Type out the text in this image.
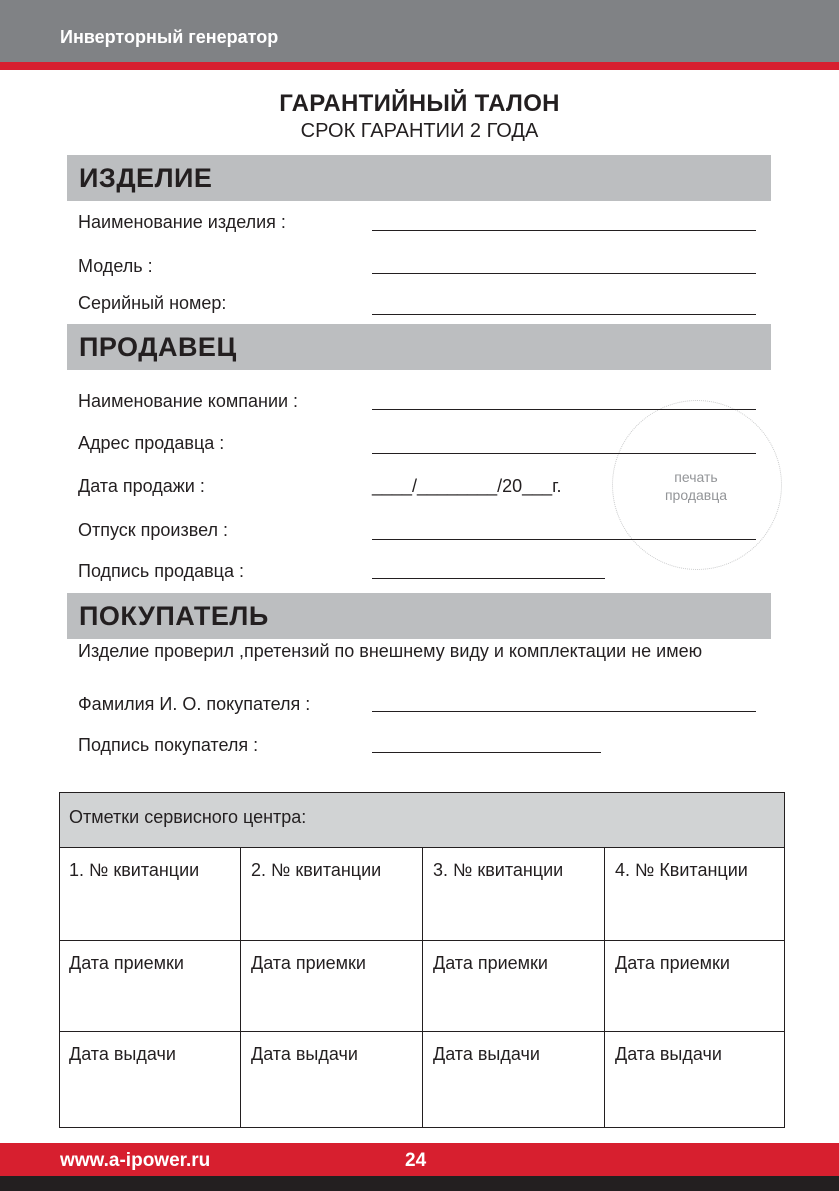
Инверторный генератор
ГАРАНТИЙНЫЙ ТАЛОН
СРОК ГАРАНТИИ 2 ГОДА
ИЗДЕЛИЕ
Наименование изделия :
Модель :
Серийный номер:
ПРОДАВЕЦ
печать
продавца
Наименование компании :
Адрес продавца :
Дата продажи :	____/________/20___г.
Отпуск произвел :
Подпись продавца :
ПОКУПАТЕЛЬ
Изделие проверил ,претензий по внешнему виду и комплектации не имею
Фамилия И. О. покупателя :
Подпись покупателя :
Отметки сервисного центра:
1. № квитанции	2. № квитанции	3. № квитанции	4. № Квитанции
Дата приемки	Дата приемки	Дата приемки	Дата приемки
Дата выдачи	Дата выдачи	Дата выдачи	Дата выдачи
www.a-ipower.ru	24
